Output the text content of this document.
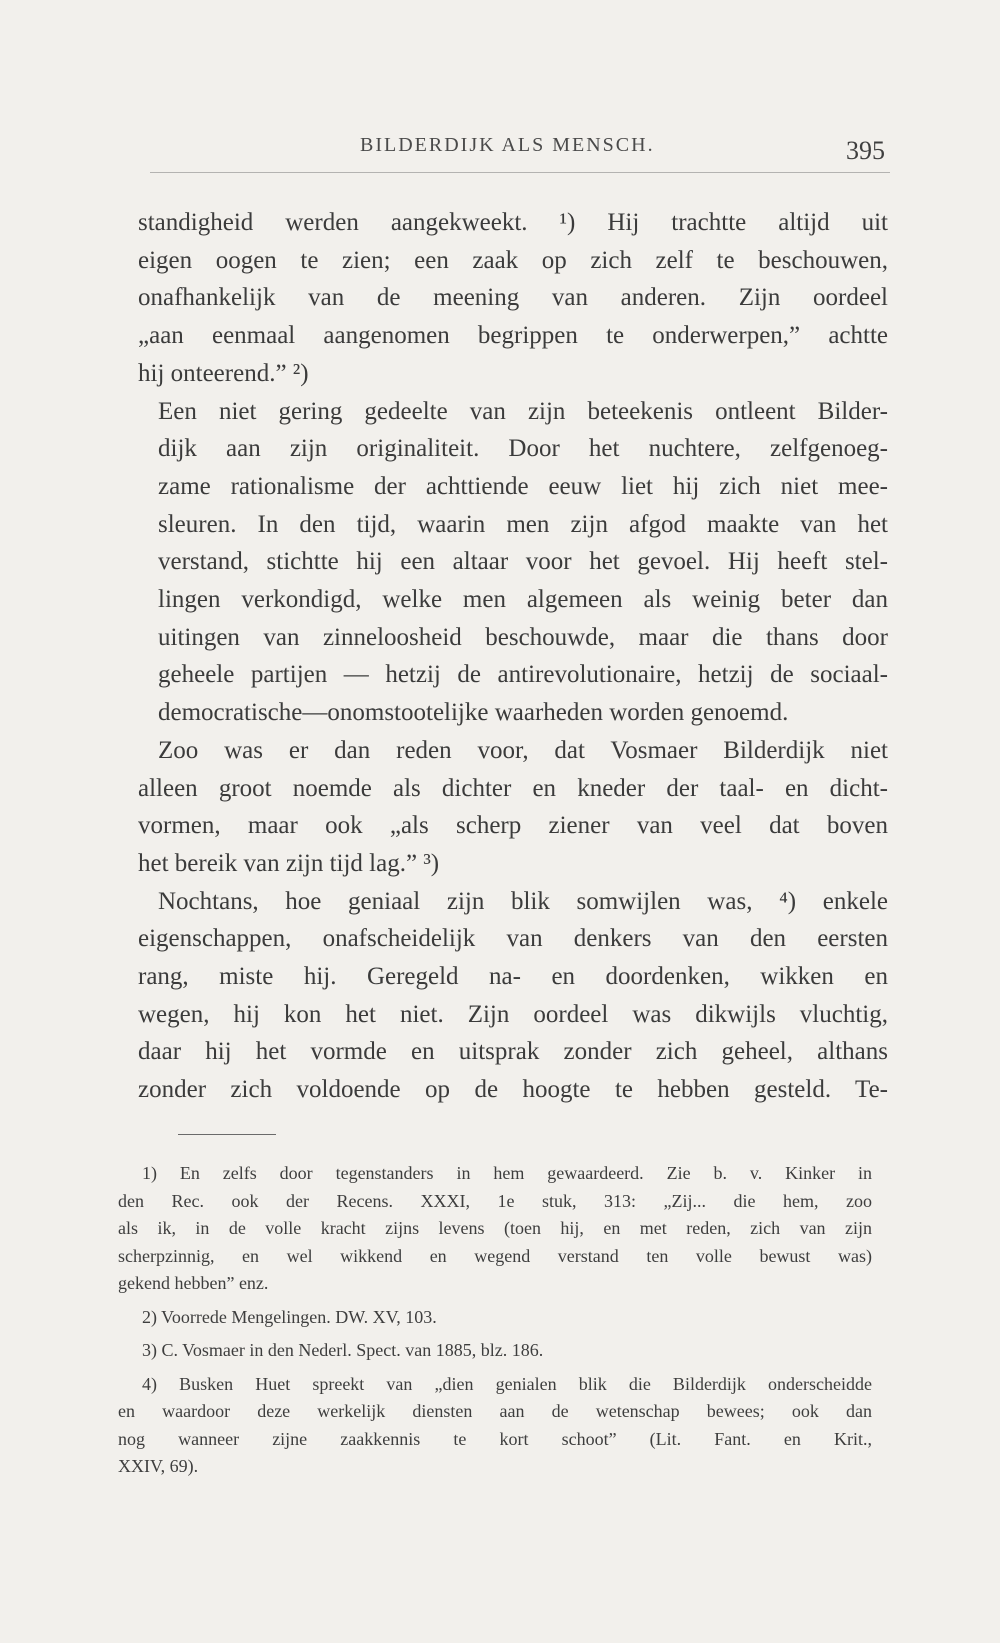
BILDERDIJK ALS MENSCH.	395

standigheid werden aangekweekt. ¹) Hij trachtte altijd uit
eigen oogen te zien; een zaak op zich zelf te beschouwen,
onafhankelijk van de meening van anderen. Zijn oordeel
„aan eenmaal aangenomen begrippen te onderwerpen,” achtte
hij onteerend.” ²)

Een niet gering gedeelte van zijn beteekenis ontleent Bilder-
dijk aan zijn originaliteit. Door het nuchtere, zelfgenoeg-
zame rationalisme der achttiende eeuw liet hij zich niet mee-
sleuren. In den tijd, waarin men zijn afgod maakte van het
verstand, stichtte hij een altaar voor het gevoel. Hij heeft stel-
lingen verkondigd, welke men algemeen als weinig beter dan
uitingen van zinneloosheid beschouwde, maar die thans door
geheele partijen — hetzij de antirevolutionaire, hetzij de sociaal-
democratische—onomstootelijke waarheden worden genoemd.

Zoo was er dan reden voor, dat Vosmaer Bilderdijk niet
alleen groot noemde als dichter en kneder der taal- en dicht-
vormen, maar ook „als scherp ziener van veel dat boven
het bereik van zijn tijd lag.” ³)

Nochtans, hoe geniaal zijn blik somwijlen was, ⁴) enkele
eigenschappen, onafscheidelijk van denkers van den eersten
rang, miste hij. Geregeld na- en doordenken, wikken en
wegen, hij kon het niet. Zijn oordeel was dikwijls vluchtig,
daar hij het vormde en uitsprak zonder zich geheel, althans
zonder zich voldoende op de hoogte te hebben gesteld. Te-

1) En zelfs door tegenstanders in hem gewaardeerd. Zie b. v. Kinker in
den Rec. ook der Recens. XXXI, 1e stuk, 313: „Zij... die hem, zoo
als ik, in de volle kracht zijns levens (toen hij, en met reden, zich van zijn
scherpzinnig, en wel wikkend en wegend verstand ten volle bewust was)
gekend hebben” enz.
2) Voorrede Mengelingen. DW. XV, 103.
3) C. Vosmaer in den Nederl. Spect. van 1885, blz. 186.
4) Busken Huet spreekt van „dien genialen blik die Bilderdijk onderscheidde
en waardoor deze werkelijk diensten aan de wetenschap bewees; ook dan
nog wanneer zijne zaakkennis te kort schoot” (Lit. Fant. en Krit.,
XXIV, 69).
